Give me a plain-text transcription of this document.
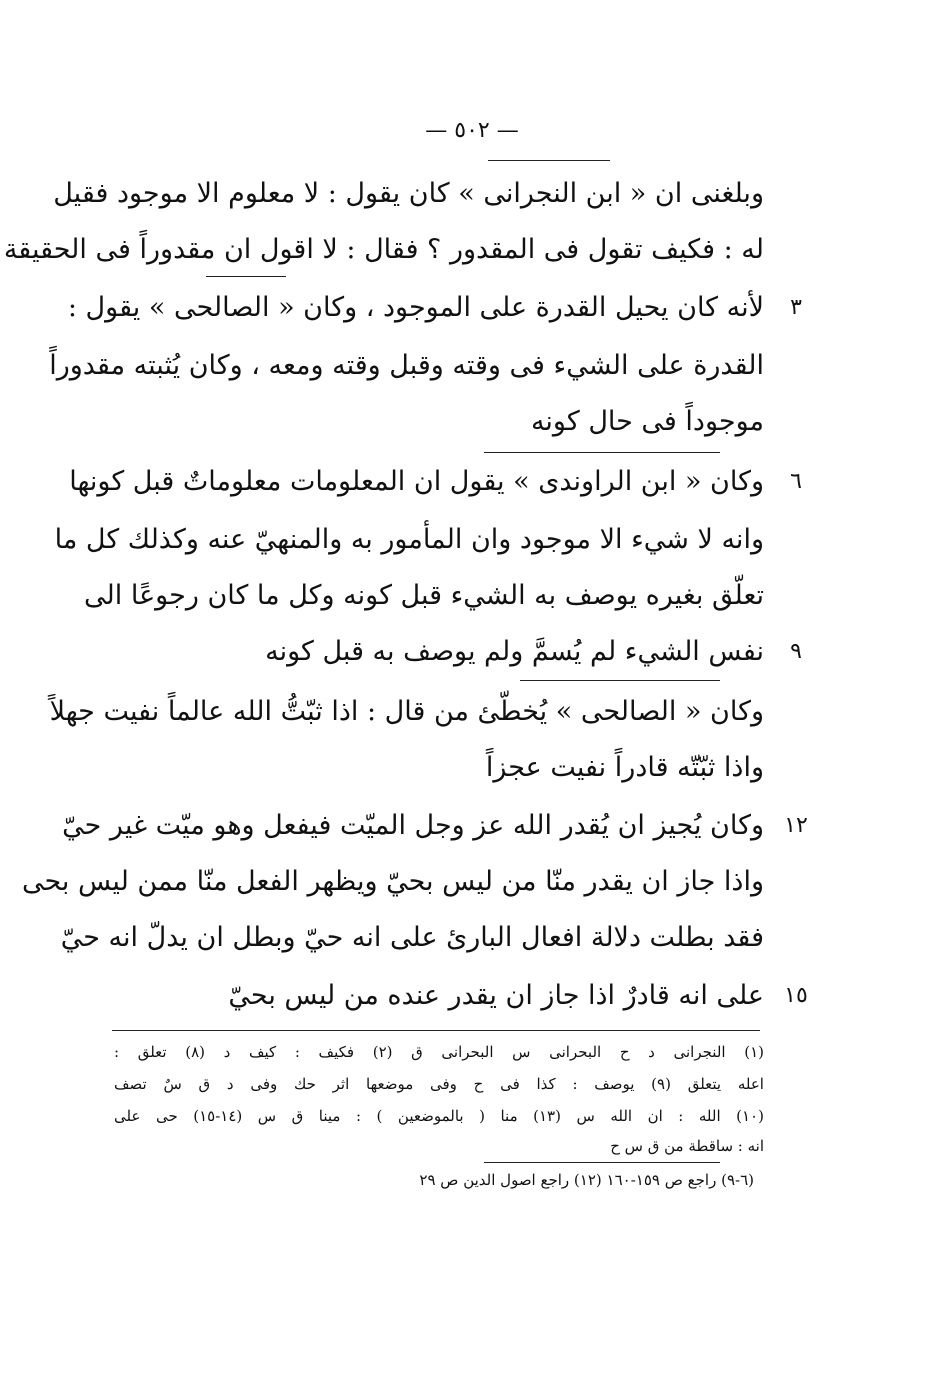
— ٥٠٢ —
وبلغنى ان « ابن النجرانى » كان يقول : لا معلوم الا موجود فقيل
له : فكيف تقول فى المقدور ؟ فقال : لا اقول ان مقدوراً فى الحقيقة
لأنه كان يحيل القدرة على الموجود ، وكان « الصالحى » يقول :	٣
القدرة على الشيء فى وقته وقبل وقته ومعه ، وكان يُثبته مقدوراً
موجوداً فى حال كونه
وكان « ابن الراوندى » يقول ان المعلومات معلوماتٌ قبل كونها	٦
وانه لا شيء الا موجود وان المأمور به والمنهيّ عنه وكذلك كل ما
تعلّق بغيره يوصف به الشيء قبل كونه وكل ما كان رجوعًا الى
نفس الشيء لم يُسمَّ ولم يوصف به قبل كونه	٩
وكان « الصالحى » يُخطّئ من قال : اذا ثبّتُّ الله عالماً نفيت جهلاً
واذا ثبّتّه قادراً نفيت عجزاً
وكان يُجيز ان يُقدر الله عز وجل الميّت فيفعل وهو ميّت غير حيّ ١٢
واذا جاز ان يقدر منّا من ليس بحيّ ويظهر الفعل منّا ممن ليس بحى
فقد بطلت دلالة افعال البارئ على انه حيّ وبطل ان يدلّ انه حيّ
على انه قادرٌ اذا جاز ان يقدر عنده من ليس بحيّ ١٥
(١) النجرانى د ح البحرانى س البحرانى ق (٢) فكيف : كيف د (٨) تعلق :
اعله يتعلق (٩) يوصف : كذا فى ح وفى موضعها اثر حك وفى د ق سٌ تصف
(١٠) الله : ان الله س (١٣) منا ( بالموضعين ) : مينا ق س (١٤-١٥) حى على
انه : ساقطة من ق س ح
(٦-٩) راجع ص ١٥٩-١٦٠ (١٢) راجع اصول الدين ص ٢٩
